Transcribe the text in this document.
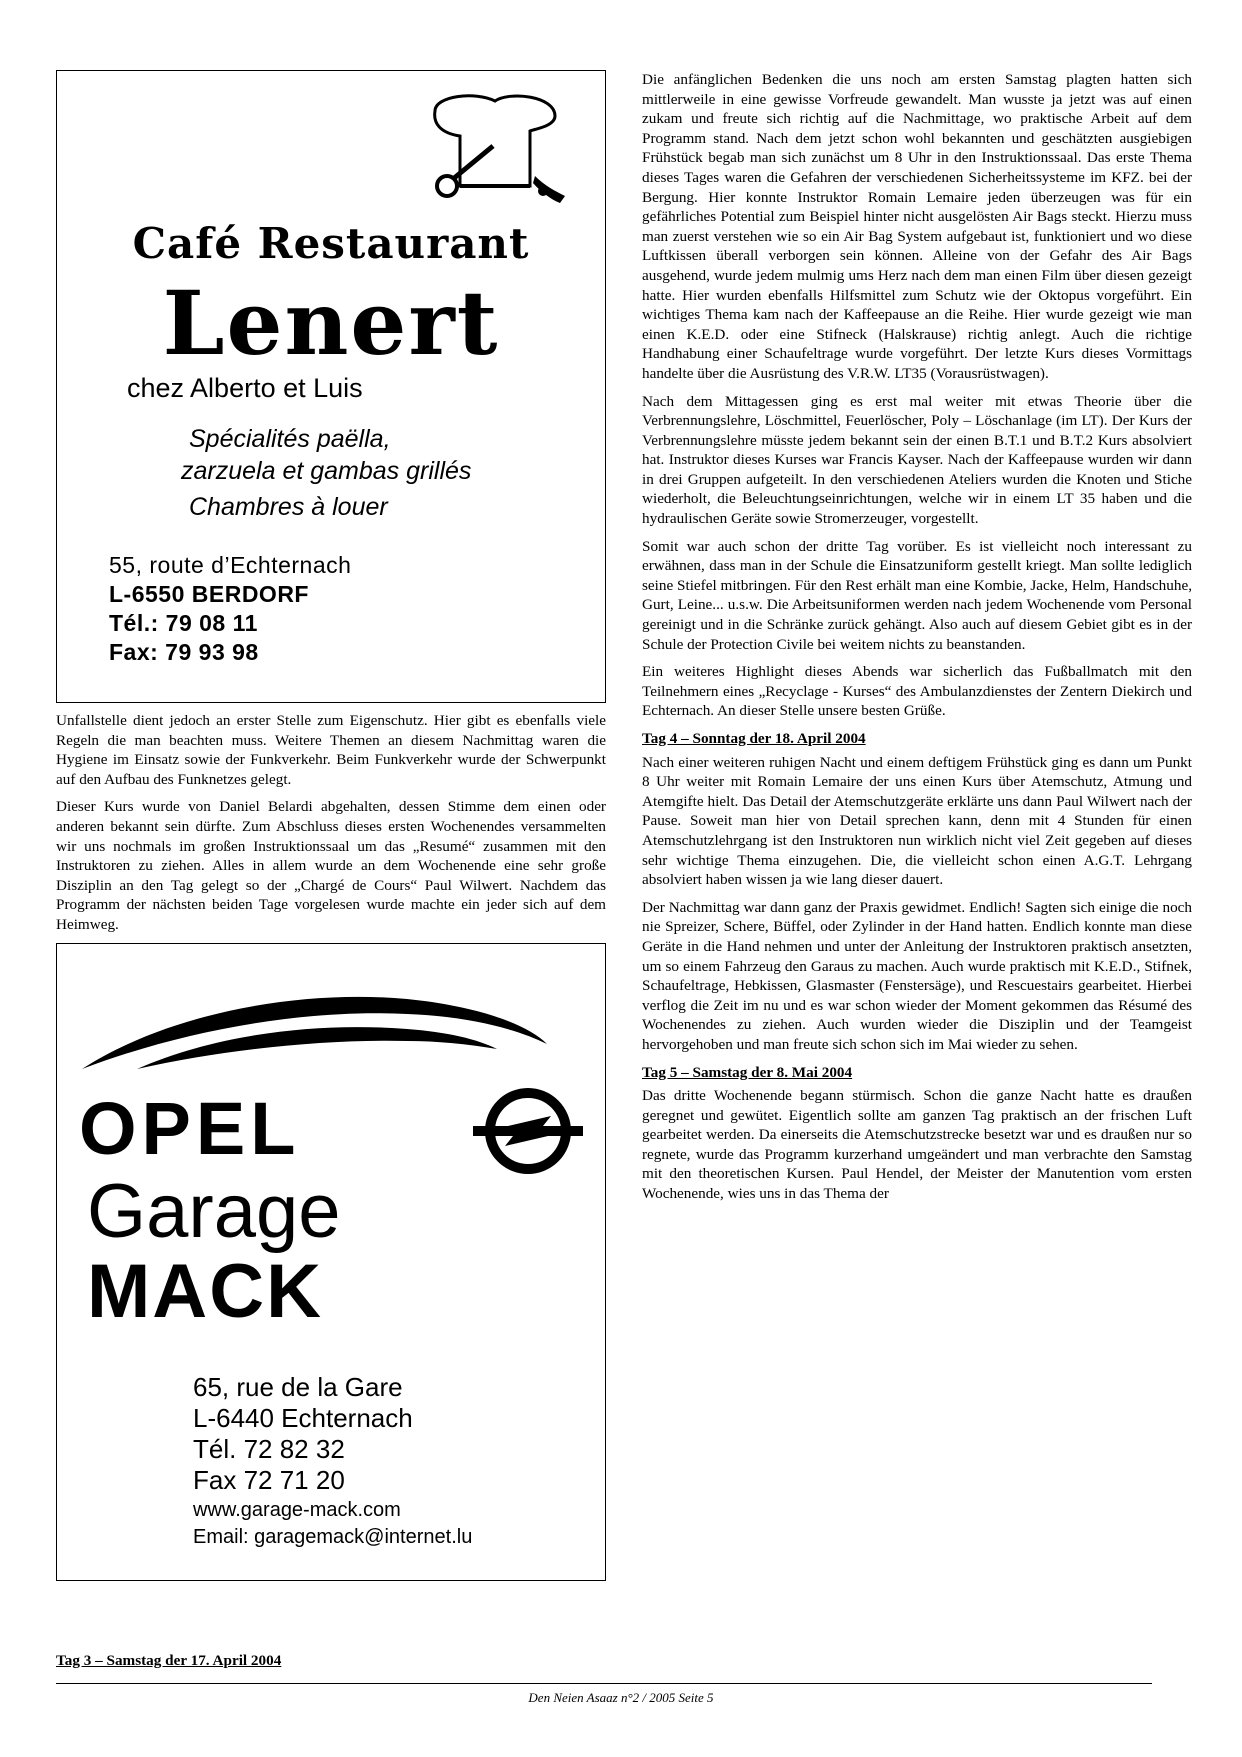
Café Restaurant
Lenert
chez Alberto et Luis
Spécialités paëlla,
zarzuela et gambas grillés
Chambres à louer
55, route d’Echternach
L-6550 BERDORF
Tél.: 79 08 11
Fax: 79 93 98

Unfallstelle dient jedoch an erster Stelle zum Eigenschutz. Hier gibt es ebenfalls viele Regeln die man beachten muss. Weitere Themen an diesem Nachmittag waren die Hygiene im Einsatz sowie der Funkverkehr. Beim Funkverkehr wurde der Schwerpunkt auf den Aufbau des Funknetzes gelegt.

Dieser Kurs wurde von Daniel Belardi abgehalten, dessen Stimme dem einen oder anderen bekannt sein dürfte. Zum Abschluss dieses ersten Wochenendes versammelten wir uns nochmals im großen Instruktionssaal um das „Resumé“ zusammen mit den Instruktoren zu ziehen. Alles in allem wurde an dem Wochenende eine sehr große Disziplin an den Tag gelegt so der „Chargé de Cours“ Paul Wilwert. Nachdem das Programm der nächsten beiden Tage vorgelesen wurde machte ein jeder sich auf dem Heimweg.

OPEL
Garage
MACK
65, rue de la Gare
L-6440 Echternach
Tél. 72 82 32
Fax 72 71 20
www.garage-mack.com
Email: garagemack@internet.lu
Tag 3 – Samstag der 17. April 2004

Die anfänglichen Bedenken die uns noch am ersten Samstag plagten hatten sich mittlerweile in eine gewisse Vorfreude gewandelt. Man wusste ja jetzt was auf einen zukam und freute sich richtig auf die Nachmittage, wo praktische Arbeit auf dem Programm stand. Nach dem jetzt schon wohl bekannten und geschätzten ausgiebigen Frühstück begab man sich zunächst um 8 Uhr in den Instruktionssaal. Das erste Thema dieses Tages waren die Gefahren der verschiedenen Sicherheitssysteme im KFZ. bei der Bergung. Hier konnte Instruktor Romain Lemaire jeden überzeugen was für ein gefährliches Potential zum Beispiel hinter nicht ausgelösten Air Bags steckt. Hierzu muss man zuerst verstehen wie so ein Air Bag System aufgebaut ist, funktioniert und wo diese Luftkissen überall verborgen sein können. Alleine von der Gefahr des Air Bags ausgehend, wurde jedem mulmig ums Herz nach dem man einen Film über diesen gezeigt hatte. Hier wurden ebenfalls Hilfsmittel zum Schutz wie der Oktopus vorgeführt. Ein wichtiges Thema kam nach der Kaffeepause an die Reihe. Hier wurde gezeigt wie man einen K.E.D. oder eine Stifneck (Halskrause) richtig anlegt. Auch die richtige Handhabung einer Schaufeltrage wurde vorgeführt. Der letzte Kurs dieses Vormittags handelte über die Ausrüstung des V.R.W. LT35 (Vorausrüstwagen).

Nach dem Mittagessen ging es erst mal weiter mit etwas Theorie über die Verbrennungslehre, Löschmittel, Feuerlöscher, Poly – Löschanlage (im LT). Der Kurs der Verbrennungslehre müsste jedem bekannt sein der einen B.T.1 und B.T.2 Kurs absolviert hat. Instruktor dieses Kurses war Francis Kayser. Nach der Kaffeepause wurden wir dann in drei Gruppen aufgeteilt. In den verschiedenen Ateliers wurden die Knoten und Stiche wiederholt, die Beleuchtungseinrichtungen, welche wir in einem LT 35 haben und die hydraulischen Geräte sowie Stromerzeuger, vorgestellt.

Somit war auch schon der dritte Tag vorüber. Es ist vielleicht noch interessant zu erwähnen, dass man in der Schule die Einsatzuniform gestellt kriegt. Man sollte lediglich seine Stiefel mitbringen. Für den Rest erhält man eine Kombie, Jacke, Helm, Handschuhe, Gurt, Leine... u.s.w. Die Arbeitsuniformen werden nach jedem Wochenende vom Personal gereinigt und in die Schränke zurück gehängt. Also auch auf diesem Gebiet gibt es in der Schule der Protection Civile bei weitem nichts zu beanstanden.

Ein weiteres Highlight dieses Abends war sicherlich das Fußballmatch mit den Teilnehmern eines „Recyclage - Kurses“ des Ambulanzdienstes der Zentern Diekirch und Echternach. An dieser Stelle unsere besten Grüße.

Tag 4 – Sonntag der 18. April 2004

Nach einer weiteren ruhigen Nacht und einem deftigem Frühstück ging es dann um Punkt 8 Uhr weiter mit Romain Lemaire der uns einen Kurs über Atemschutz, Atmung und Atemgifte hielt. Das Detail der Atemschutzgeräte erklärte uns dann Paul Wilwert nach der Pause. Soweit man hier von Detail sprechen kann, denn mit 4 Stunden für einen Atemschutzlehrgang ist den Instruktoren nun wirklich nicht viel Zeit gegeben auf dieses sehr wichtige Thema einzugehen. Die, die vielleicht schon einen A.G.T. Lehrgang absolviert haben wissen ja wie lang dieser dauert.

Der Nachmittag war dann ganz der Praxis gewidmet. Endlich! Sagten sich einige die noch nie Spreizer, Schere, Büffel, oder Zylinder in der Hand hatten. Endlich konnte man diese Geräte in die Hand nehmen und unter der Anleitung der Instruktoren praktisch ansetzten, um so einem Fahrzeug den Garaus zu machen. Auch wurde praktisch mit K.E.D., Stifnek, Schaufeltrage, Hebkissen, Glasmaster (Fenstersäge), und Rescuestairs gearbeitet. Hierbei verflog die Zeit im nu und es war schon wieder der Moment gekommen das Résumé des Wochenendes zu ziehen. Auch wurden wieder die Disziplin und der Teamgeist hervorgehoben und man freute sich schon sich im Mai wieder zu sehen.

Tag 5 – Samstag der 8. Mai 2004

Das dritte Wochenende begann stürmisch. Schon die ganze Nacht hatte es draußen geregnet und gewütet. Eigentlich sollte am ganzen Tag praktisch an der frischen Luft gearbeitet werden. Da einerseits die Atemschutzstrecke besetzt war und es draußen nur so regnete, wurde das Programm kurzerhand umgeändert und man verbrachte den Samstag mit den theoretischen Kursen. Paul Hendel, der Meister der Manutention vom ersten Wochenende, wies uns in das Thema der

Den Neien Asaaz n°2 / 2005 Seite 5
